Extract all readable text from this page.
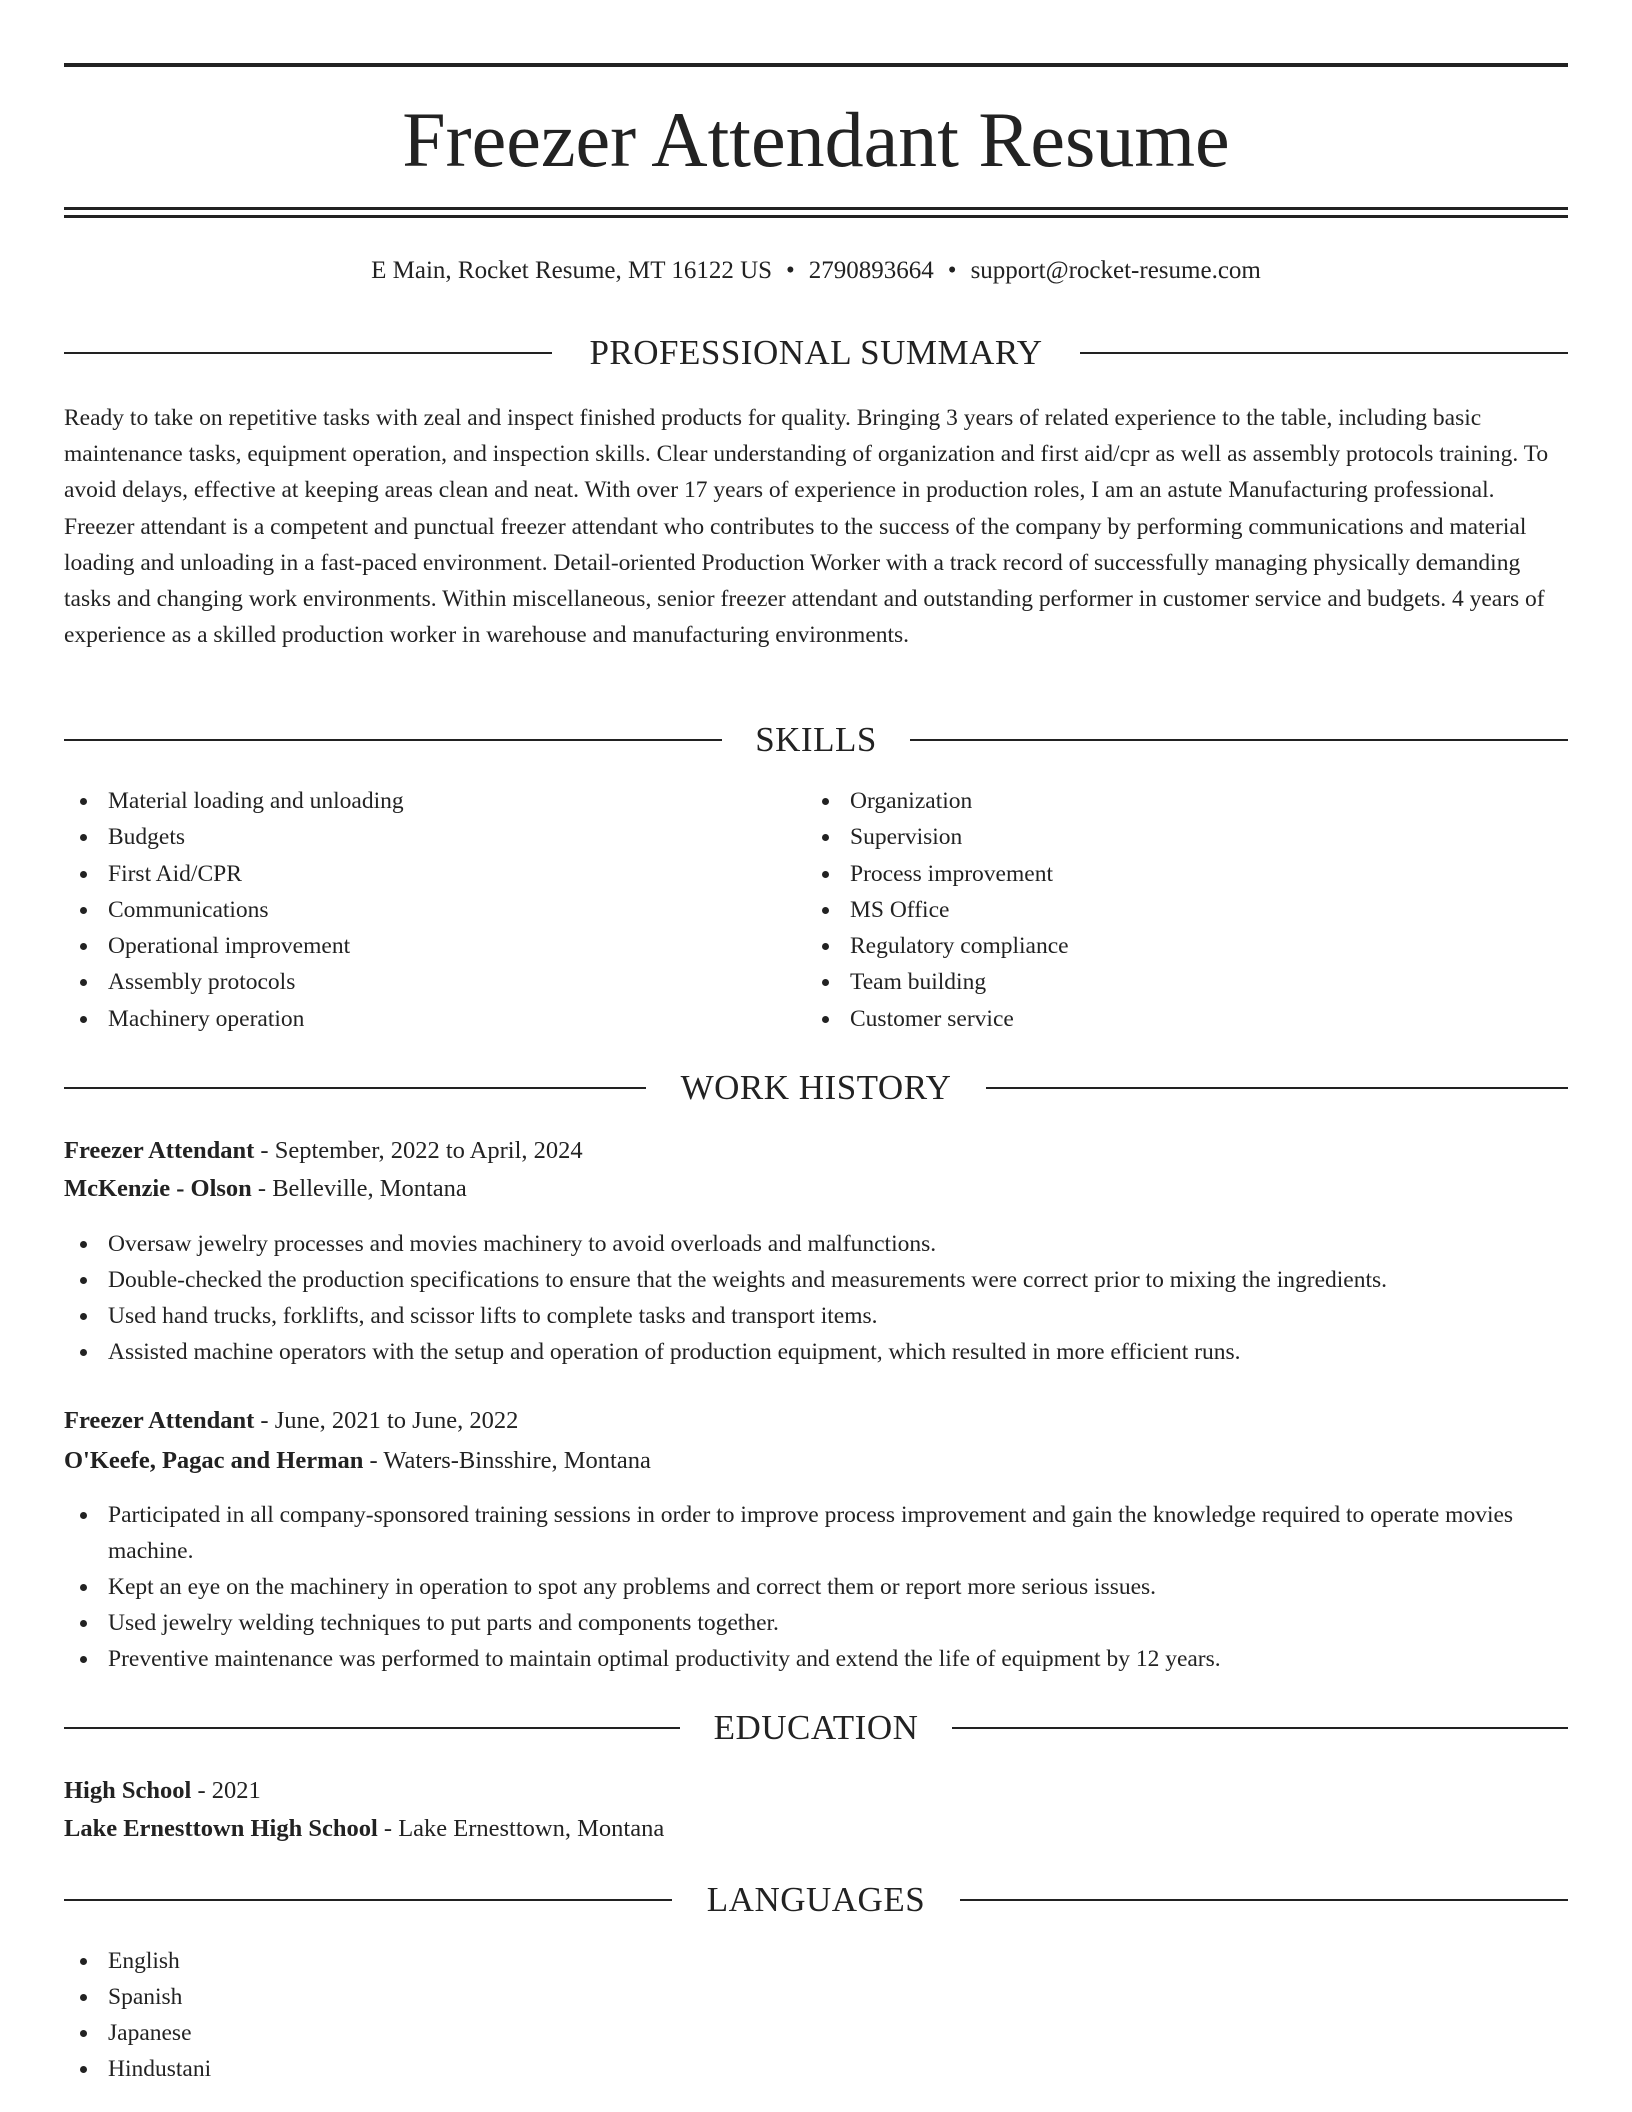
Freezer Attendant Resume
E Main, Rocket Resume, MT 16122 US • 2790893664 • support@rocket-resume.com
PROFESSIONAL SUMMARY

Ready to take on repetitive tasks with zeal and inspect finished products for quality. Bringing 3 years of related experience to the table, including basic maintenance tasks, equipment operation, and inspection skills. Clear understanding of organization and first aid/cpr as well as assembly protocols training. To avoid delays, effective at keeping areas clean and neat. With over 17 years of experience in production roles, I am an astute Manufacturing professional. Freezer attendant is a competent and punctual freezer attendant who contributes to the success of the company by performing communications and material loading and unloading in a fast-paced environment. Detail-oriented Production Worker with a track record of successfully managing physically demanding tasks and changing work environments. Within miscellaneous, senior freezer attendant and outstanding performer in customer service and budgets. 4 years of experience as a skilled production worker in warehouse and manufacturing environments.

SKILLS
Material loading and unloading
Budgets
First Aid/CPR
Communications
Operational improvement
Assembly protocols
Machinery operation
Organization
Supervision
Process improvement
MS Office
Regulatory compliance
Team building
Customer service
WORK HISTORY
Freezer Attendant - September, 2022 to April, 2024
McKenzie - Olson - Belleville, Montana
Oversaw jewelry processes and movies machinery to avoid overloads and malfunctions.
Double-checked the production specifications to ensure that the weights and measurements were correct prior to mixing the ingredients.
Used hand trucks, forklifts, and scissor lifts to complete tasks and transport items.
Assisted machine operators with the setup and operation of production equipment, which resulted in more efficient runs.
Freezer Attendant - June, 2021 to June, 2022
O'Keefe, Pagac and Herman - Waters-Binsshire, Montana
Participated in all company-sponsored training sessions in order to improve process improvement and gain the knowledge required to operate movies machine.
Kept an eye on the machinery in operation to spot any problems and correct them or report more serious issues.
Used jewelry welding techniques to put parts and components together.
Preventive maintenance was performed to maintain optimal productivity and extend the life of equipment by 12 years.
EDUCATION
High School - 2021
Lake Ernesttown High School - Lake Ernesttown, Montana
LANGUAGES
English
Spanish
Japanese
Hindustani
